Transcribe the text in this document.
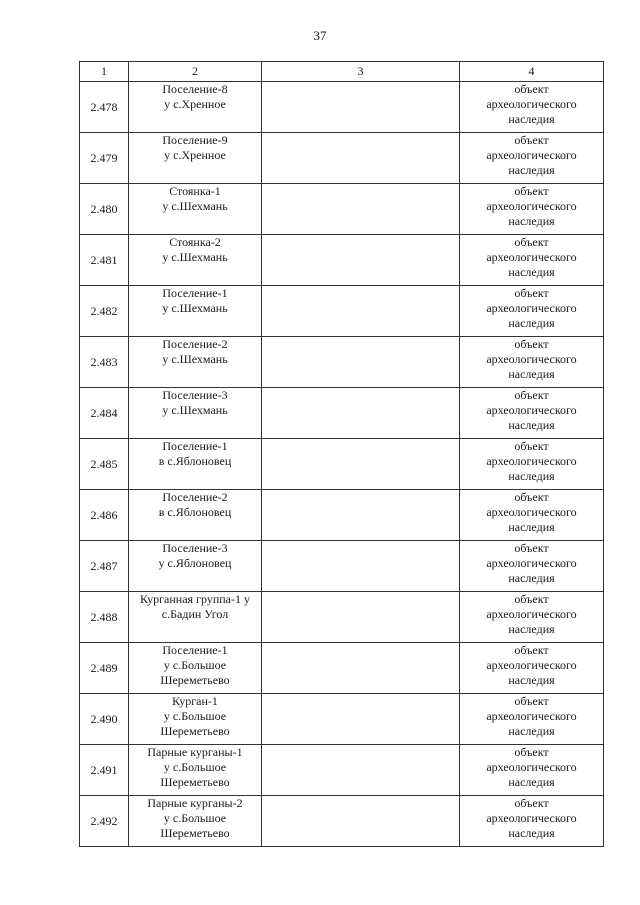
37
1	2	3	4
2.478	Поселение-8
у с.Хренное		объект
археологического
наследия

2.479	Поселение-9
у с.Хренное		объект
археологического
наследия

2.480	Стоянка-1
у с.Шехмань		объект
археологического
наследия

2.481	Стоянка-2
у с.Шехмань		объект
археологического
наследия

2.482	Поселение-1
у с.Шехмань		объект
археологического
наследия

2.483	Поселение-2
у с.Шехмань		объект
археологического
наследия

2.484	Поселение-3
у с.Шехмань		объект
археологического
наследия

2.485	Поселение-1
в с.Яблоновец		объект
археологического
наследия

2.486	Поселение-2
в с.Яблоновец		объект
археологического
наследия

2.487	Поселение-3
у с.Яблоновец		объект
археологического
наследия

2.488	Курганная группа-1 у
с.Бадин Угол		объект
археологического
наследия

2.489	Поселение-1
у с.Большое
Шереметьево		объект
археологического
наследия

2.490	Курган-1
у с.Большое
Шереметьево		объект
археологического
наследия

2.491	Парные курганы-1
у с.Большое
Шереметьево		объект
археологического
наследия

2.492	Парные курганы-2
у с.Большое
Шереметьево		объект
археологического
наследия
